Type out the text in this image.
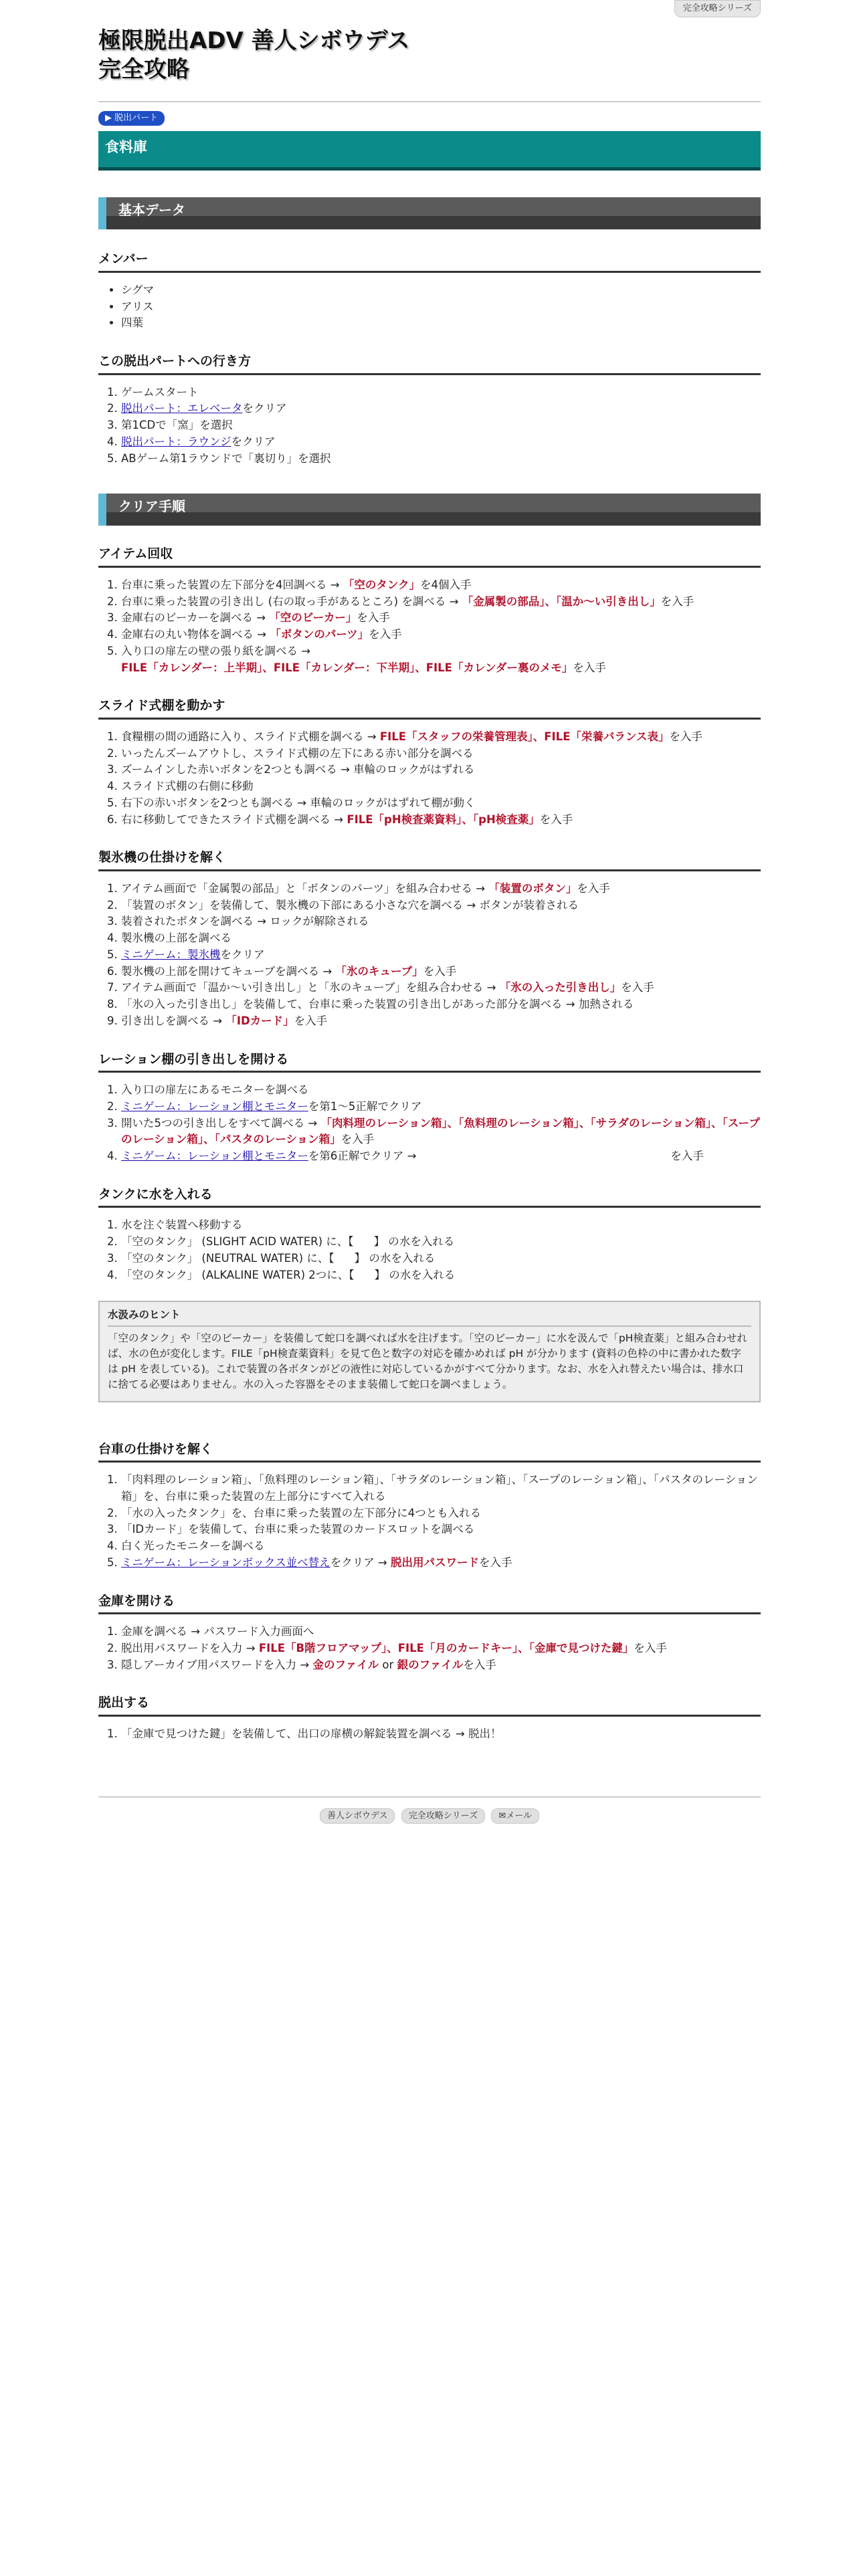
完全攻略シリーズ
極限脱出ADV 善人シボウデス
完全攻略
▶ 脱出パート
食料庫
基本データ
メンバー
• シグマ
• アリス
• 四葉
この脱出パートへの行き方
1. ゲームスタート
2. 脱出パート：エレベータをクリア
3. 第1CDで「窯」を選択
4. 脱出パート：ラウンジをクリア
5. ABゲーム第1ラウンドで「裏切り」を選択
クリア手順
アイテム回収
1. 台車に乗った装置の左下部分を4回調べる → 「空のタンク」を4個入手
2. 台車に乗った装置の引き出し (右の取っ手があるところ) を調べる → 「金属製の部品」、「温か〜い引き出し」を入手
3. 金庫右のビーカーを調べる → 「空のビーカー」を入手
4. 金庫右の丸い物体を調べる → 「ボタンのパーツ」を入手
5. 入り口の扉左の壁の張り紙を調べる → FILE「カレンダー：上半期」、FILE「カレンダー：下半期」、FILE「カレンダー裏のメモ」を入手
スライド式棚を動かす
1. 食糧棚の間の通路に入り、スライド式棚を調べる → FILE「スタッフの栄養管理表」、FILE「栄養バランス表」を入手
2. いったんズームアウトし、スライド式棚の左下にある赤い部分を調べる
3. ズームインした赤いボタンを2つとも調べる → 車輪のロックがはずれる
4. スライド式棚の右側に移動
5. 右下の赤いボタンを2つとも調べる → 車輪のロックがはずれて棚が動く
6. 右に移動してできたスライド式棚を調べる → FILE「pH検査薬資料」、「pH検査薬」を入手
製氷機の仕掛けを解く
1. アイテム画面で「金属製の部品」と「ボタンのパーツ」を組み合わせる → 「装置のボタン」を入手
2. 「装置のボタン」を装備して、製氷機の下部にある小さな穴を調べる → ボタンが装着される
3. 装着されたボタンを調べる → ロックが解除される
4. 製氷機の上部を調べる
5. ミニゲーム：製氷機をクリア
6. 製氷機の上部を開けてキューブを調べる → 「氷のキューブ」を入手
7. アイテム画面で「温か〜い引き出し」と「氷のキューブ」を組み合わせる → 「氷の入った引き出し」を入手
8. 「氷の入った引き出し」を装備して、台車に乗った装置の引き出しがあった部分を調べる → 加熱される
9. 引き出しを調べる → 「IDカード」を入手
レーション棚の引き出しを開ける
1. 入り口の扉左にあるモニターを調べる
2. ミニゲーム：レーション棚とモニターを第1〜5正解でクリア
3. 開いた5つの引き出しをすべて調べる → 「肉料理のレーション箱」、「魚料理のレーション箱」、「サラダのレーション箱」、「スープのレーション箱」、「パスタのレーション箱」を入手
4. ミニゲーム：レーション棚とモニターを第6正解でクリア →	を入手
タンクに水を入れる
1. 水を注ぐ装置へ移動する
2. 「空のタンク」 (SLIGHT ACID WATER) に、【 】 の水を入れる
3. 「空のタンク」 (NEUTRAL WATER) に、【 】 の水を入れる
4. 「空のタンク」 (ALKALINE WATER) 2つに、【 】 の水を入れる
水汲みのヒント
「空のタンク」や「空のビーカー」を装備して蛇口を調べれば水を注げます。「空のビーカー」に水を汲んで「pH検査薬」と組み合わせれば、水の色が変化します。FILE「pH検査薬資料」を見て色と数字の対応を確かめれば pH が分かります (資料の色枠の中に書かれた数字は pH を表している)。これで装置の各ボタンがどの液性に対応しているかがすべて分かります。なお、水を入れ替えたい場合は、排水口に捨てる必要はありません。水の入った容器をそのまま装備して蛇口を調べましょう。
台車の仕掛けを解く
1. 「肉料理のレーション箱」、「魚料理のレーション箱」、「サラダのレーション箱」、「スープのレーション箱」、「パスタのレーション箱」を、台車に乗った装置の左上部分にすべて入れる
2. 「水の入ったタンク」を、台車に乗った装置の左下部分に4つとも入れる
3. 「IDカード」を装備して、台車に乗った装置のカードスロットを調べる
4. 白く光ったモニターを調べる
5. ミニゲーム：レーションボックス並べ替えをクリア → 脱出用パスワードを入手
金庫を開ける
1. 金庫を調べる → パスワード入力画面へ
2. 脱出用パスワードを入力 → FILE「B階フロアマップ」、FILE「月のカードキー」、「金庫で見つけた鍵」を入手
3. 隠しアーカイブ用パスワードを入力 → 金のファイル or 銀のファイルを入手
脱出する
1. 「金庫で見つけた鍵」を装備して、出口の扉横の解錠装置を調べる → 脱出！
善人シボウデス 完全攻略シリーズ ✉メール
